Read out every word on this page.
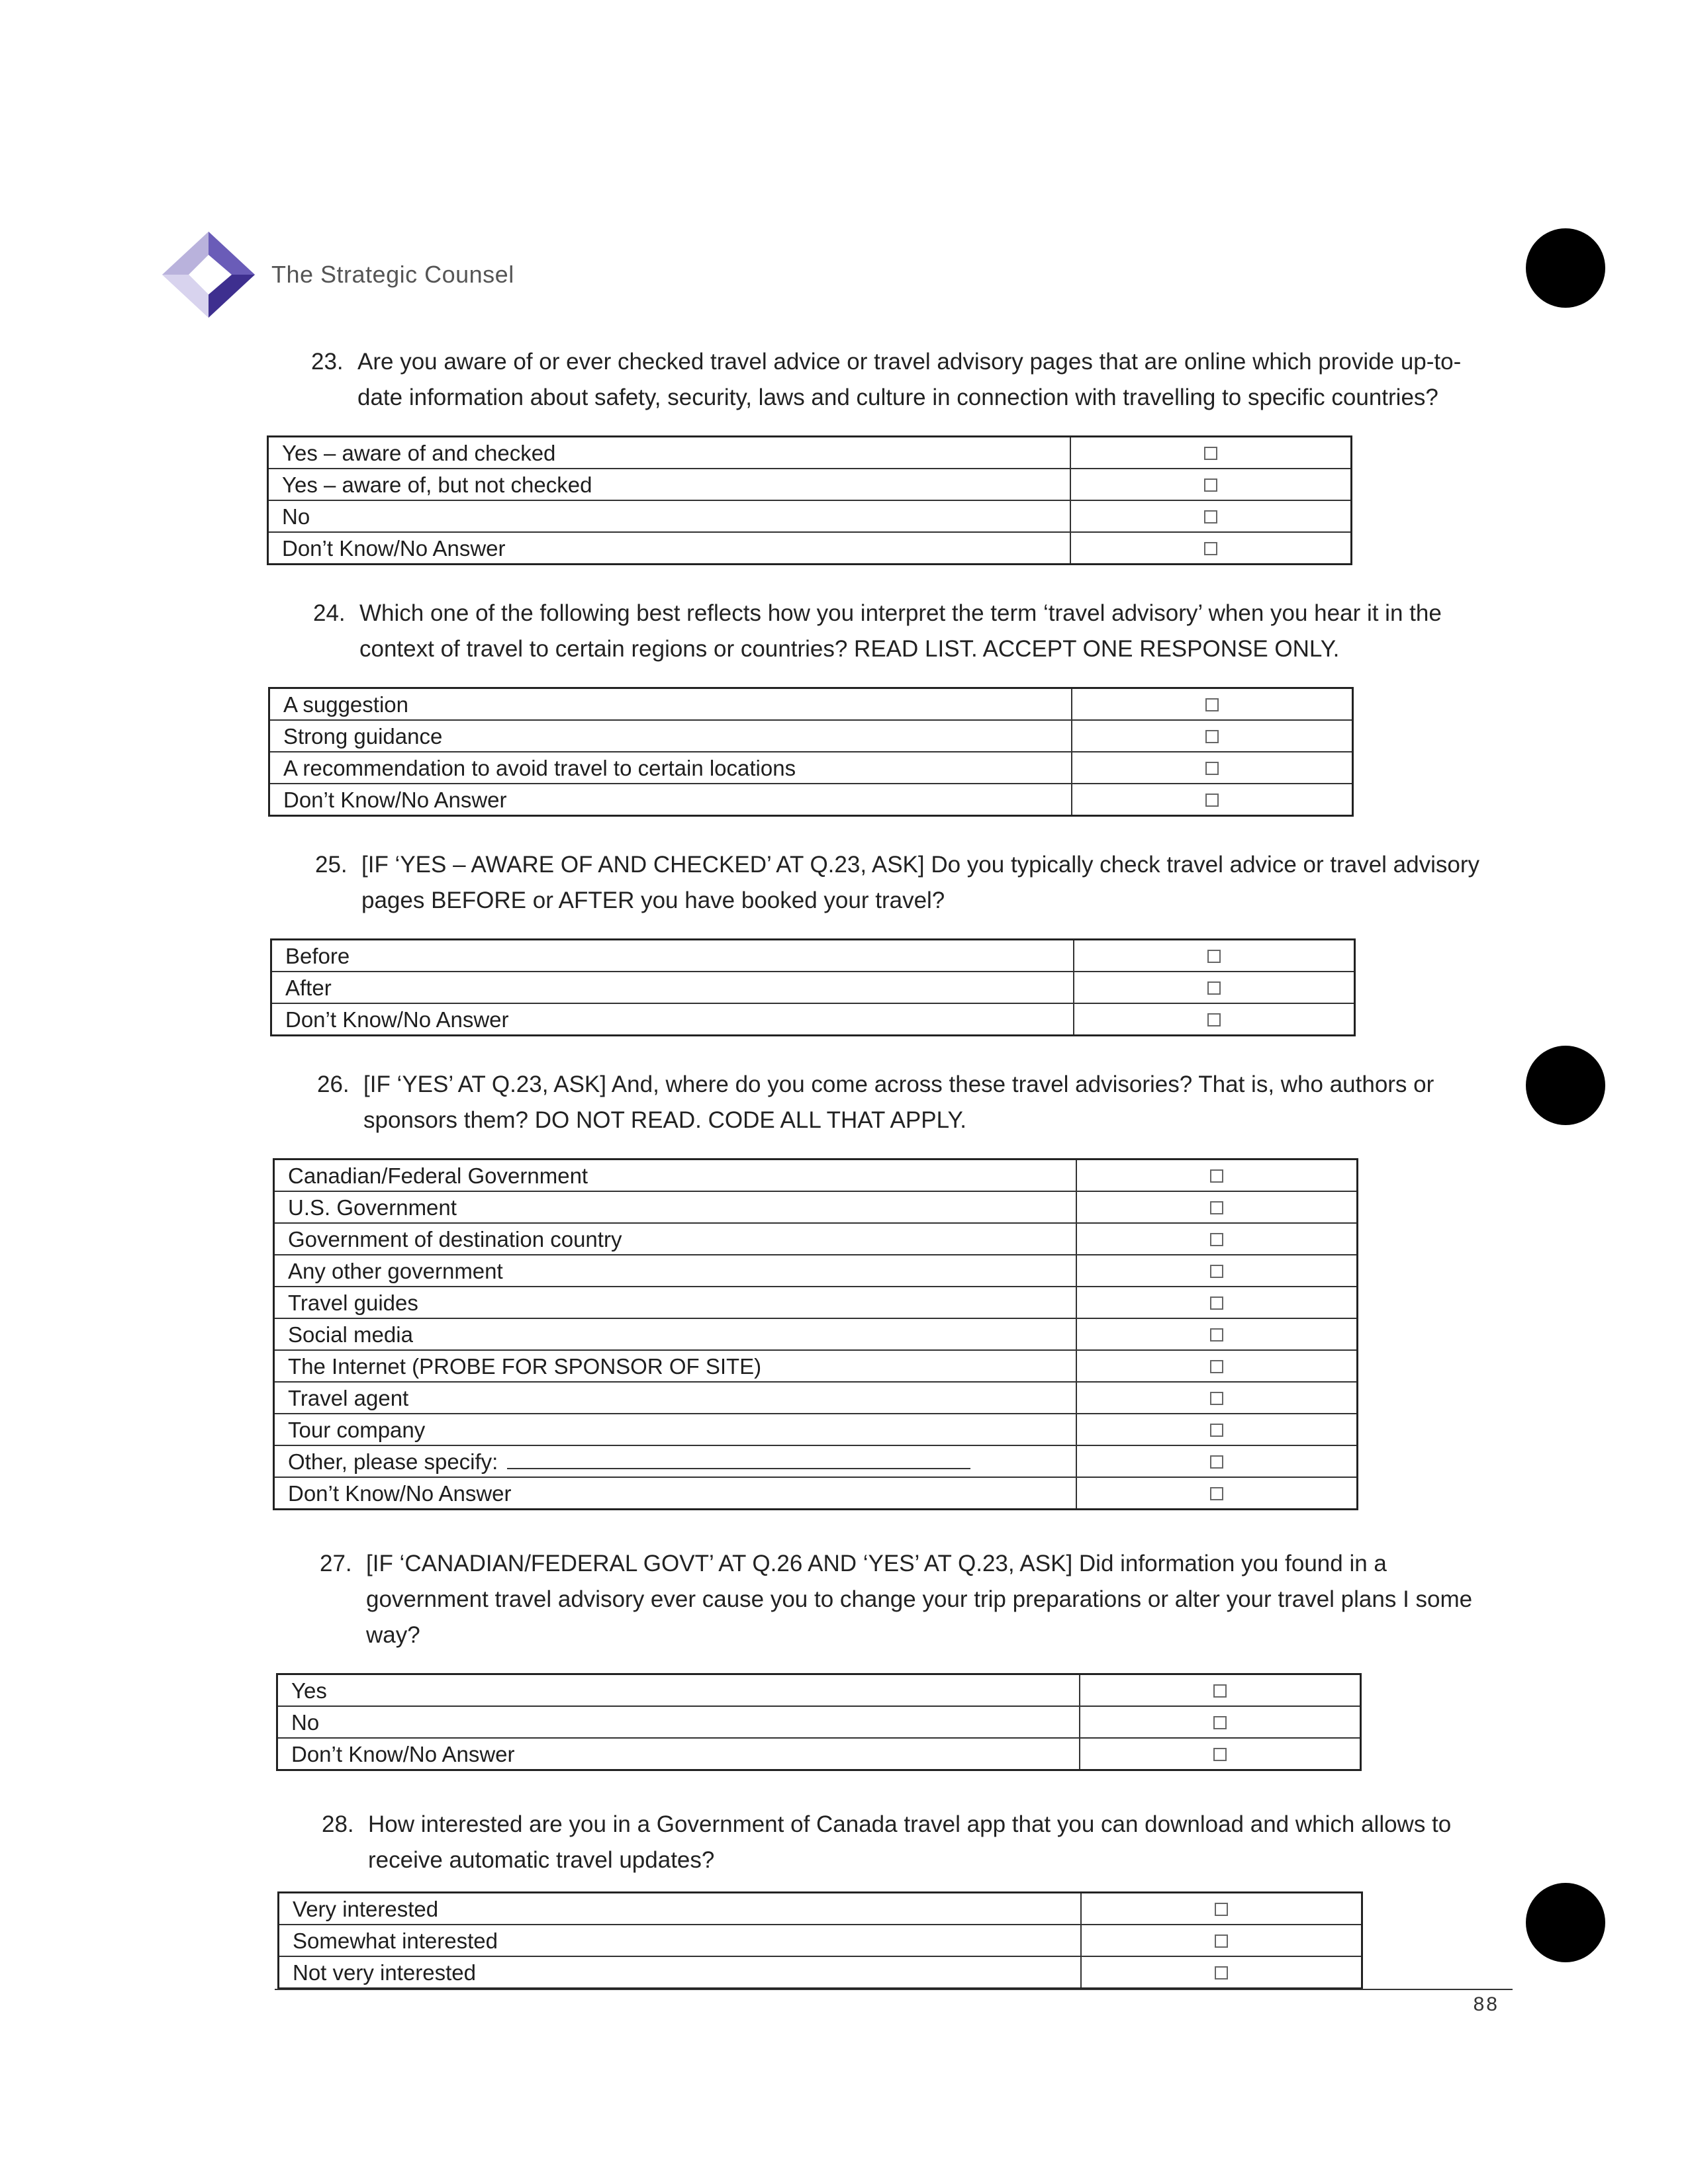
The Strategic Counsel
23. Are you aware of or ever checked travel advice or travel advisory pages that are online which provide up-to-date information about safety, security, laws and culture in connection with travelling to specific countries?
Yes – aware of and checked	
Yes – aware of, but not checked	
No	
Don’t Know/No Answer	
24. Which one of the following best reflects how you interpret the term ‘travel advisory’ when you hear it in the context of travel to certain regions or countries? READ LIST. ACCEPT ONE RESPONSE ONLY.
A suggestion	
Strong guidance	
A recommendation to avoid travel to certain locations	
Don’t Know/No Answer	
25. [IF ‘YES – AWARE OF AND CHECKED’ AT Q.23, ASK] Do you typically check travel advice or travel advisory pages BEFORE or AFTER you have booked your travel?
Before	
After	
Don’t Know/No Answer	
26. [IF ‘YES’ AT Q.23, ASK] And, where do you come across these travel advisories? That is, who authors or sponsors them? DO NOT READ. CODE ALL THAT APPLY.
Canadian/Federal Government	
U.S. Government	
Government of destination country	
Any other government	
Travel guides	
Social media	
The Internet (PROBE FOR SPONSOR OF SITE)	
Travel agent	
Tour company	
Other, please specify:	
Don’t Know/No Answer	
27. [IF ‘CANADIAN/FEDERAL GOVT’ AT Q.26 AND ‘YES’ AT Q.23, ASK] Did information you found in a government travel advisory ever cause you to change your trip preparations or alter your travel plans I some way?
Yes	
No	
Don’t Know/No Answer	
28. How interested are you in a Government of Canada travel app that you can download and which allows to receive automatic travel updates?
Very interested	
Somewhat interested	
Not very interested	
88
